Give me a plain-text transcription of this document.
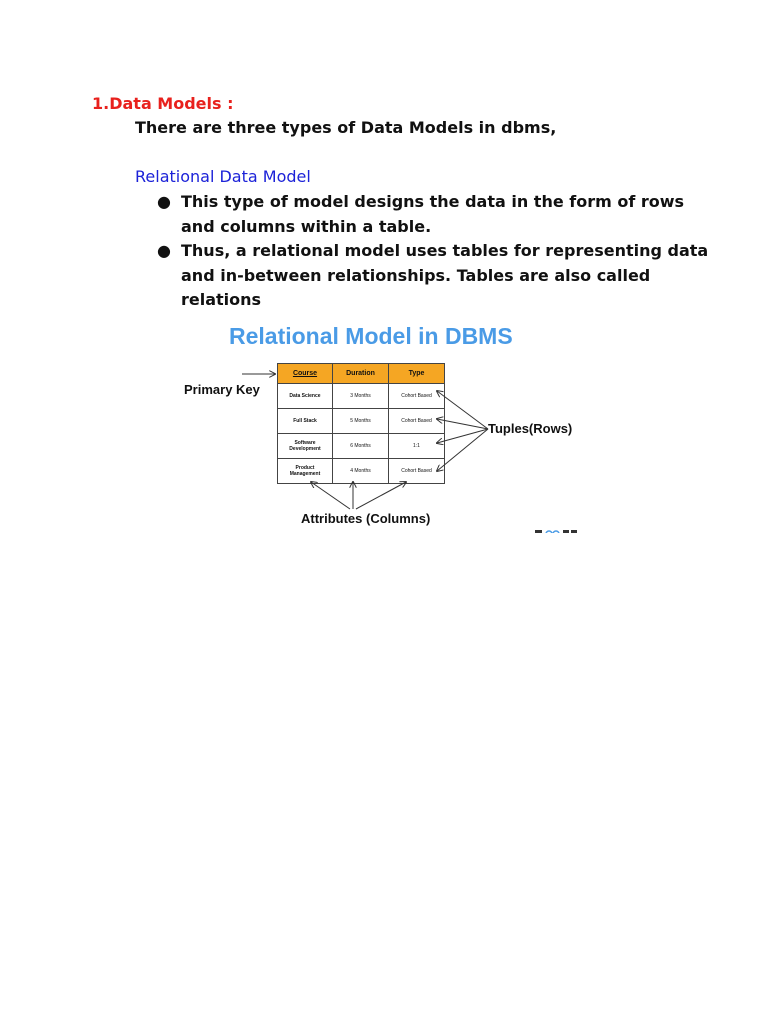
1.Data Models :
There are three types of Data Models in dbms,
Relational Data Model
● This type of model designs the data in the form of rows and columns within a table.
● Thus, a relational model uses tables for representing data and in-between relationships. Tables are also called relations
Relational Model in DBMS
Course	Duration	Type
Data Science	3 Months	Cohort Based
Full Stack	5 Months	Cohort Based
Software Development	6 Months	1:1
Product Management	4 Months	Cohort Based
Primary Key
Tuples(Rows)
Attributes (Columns)
